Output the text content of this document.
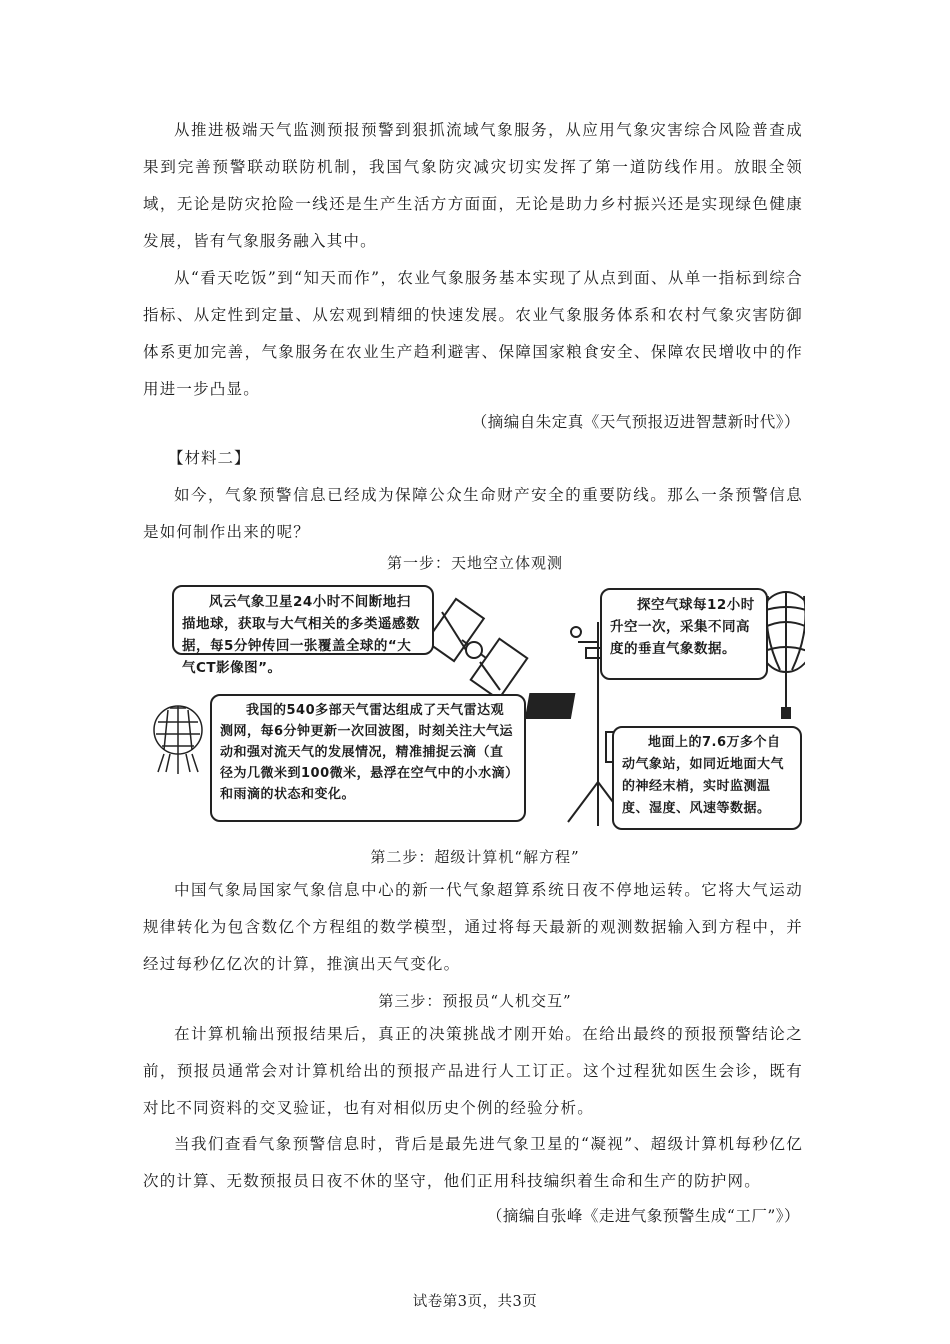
从推进极端天气监测预报预警到狠抓流域气象服务，从应用气象灾害综合风险普查成果到完善预警联动联防机制，我国气象防灾减灾切实发挥了第一道防线作用。放眼全领域，无论是防灾抢险一线还是生产生活方方面面，无论是助力乡村振兴还是实现绿色健康发展，皆有气象服务融入其中。

从“看天吃饭”到“知天而作”，农业气象服务基本实现了从点到面、从单一指标到综合指标、从定性到定量、从宏观到精细的快速发展。农业气象服务体系和农村气象灾害防御体系更加完善，气象服务在农业生产趋利避害、保障国家粮食安全、保障农民增收中的作用进一步凸显。

（摘编自朱定真《天气预报迈进智慧新时代》）

【材料二】

如今，气象预警信息已经成为保障公众生命财产安全的重要防线。那么一条预警信息是如何制作出来的呢？

第一步：天地空立体观测

风云气象卫星24小时不间断地扫描地球，获取与大气相关的多类遥感数据，每5分钟传回一张覆盖全球的“大气CT影像图”。

探空气球每12小时升空一次，采集不同高度的垂直气象数据。

我国的540多部天气雷达组成了天气雷达观测网，每6分钟更新一次回波图，时刻关注大气运动和强对流天气的发展情况，精准捕捉云滴（直径为几微米到100微米，悬浮在空气中的小水滴）和雨滴的状态和变化。

地面上的7.6万多个自动气象站，如同近地面大气的神经末梢，实时监测温度、湿度、风速等数据。

第二步：超级计算机“解方程”

中国气象局国家气象信息中心的新一代气象超算系统日夜不停地运转。它将大气运动规律转化为包含数亿个方程组的数学模型，通过将每天最新的观测数据输入到方程中，并经过每秒亿亿次的计算，推演出天气变化。

第三步：预报员“人机交互”

在计算机输出预报结果后，真正的决策挑战才刚开始。在给出最终的预报预警结论之前，预报员通常会对计算机给出的预报产品进行人工订正。这个过程犹如医生会诊，既有对比不同资料的交叉验证，也有对相似历史个例的经验分析。

当我们查看气象预警信息时，背后是最先进气象卫星的“凝视”、超级计算机每秒亿亿次的计算、无数预报员日夜不休的坚守，他们正用科技编织着生命和生产的防护网。

（摘编自张峰《走进气象预警生成“工厂”》）

试卷第3页，共3页
